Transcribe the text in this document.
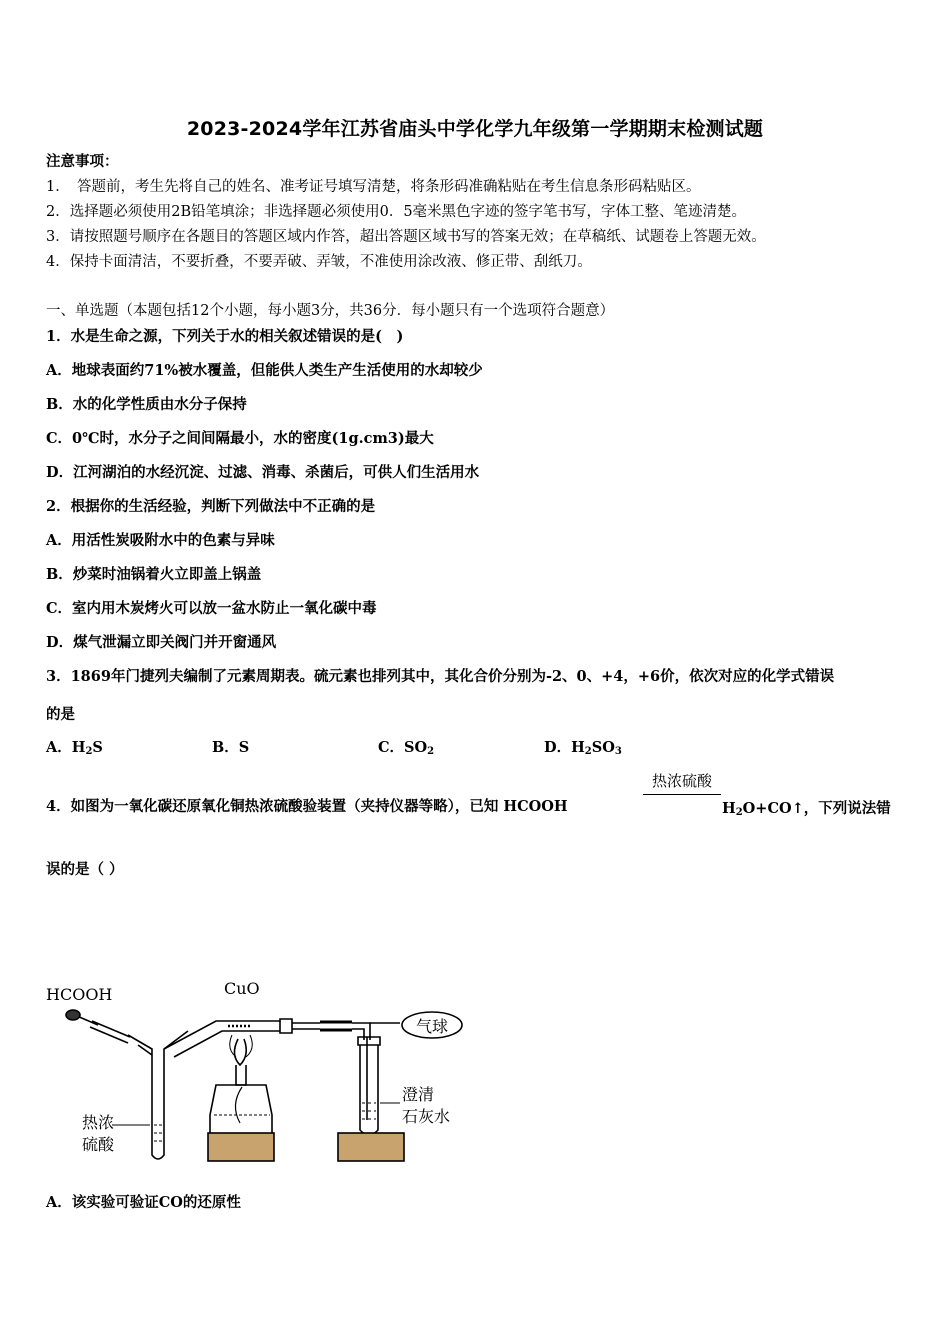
2023-2024学年江苏省庙头中学化学九年级第一学期期末检测试题
注意事项：
1．　答题前，考生先将自己的姓名、准考证号填写清楚，将条形码准确粘贴在考生信息条形码粘贴区。
2．选择题必须使用2B铅笔填涂；非选择题必须使用0．5毫米黑色字迹的签字笔书写，字体工整、笔迹清楚。
3．请按照题号顺序在各题目的答题区域内作答，超出答题区域书写的答案无效；在草稿纸、试题卷上答题无效。
4．保持卡面清洁，不要折叠，不要弄破、弄皱，不准使用涂改液、修正带、刮纸刀。
一、单选题（本题包括12个小题，每小题3分，共36分．每小题只有一个选项符合题意）
1．水是生命之源，下列关于水的相关叙述错误的是(　)
A．地球表面约71%被水覆盖，但能供人类生产生活使用的水却较少
B．水的化学性质由水分子保持
C．0℃时，水分子之间间隔最小，水的密度(1g.cm3)最大
D．江河湖泊的水经沉淀、过滤、消毒、杀菌后，可供人们生活用水
2．根据你的生活经验，判断下列做法中不正确的是
A．用活性炭吸附水中的色素与异味
B．炒菜时油锅着火立即盖上锅盖
C．室内用木炭烤火可以放一盆水防止一氧化碳中毒
D．煤气泄漏立即关阀门并开窗通风
3．1869年门捷列夫编制了元素周期表。硫元素也排列其中，其化合价分别为-2、0、+4，+6价，依次对应的化学式错误
的是
A．$H_2S$	B．S	C．$SO_2$	D．$H_2SO_3$
4．如图为一氧化碳还原氧化铜热浓硫酸验装置（夹持仪器等略），已知 HCOOH
热浓硫酸
$H_2O+CO↑$，下列说法错
误的是（ ）
HCOOH	CuO
气球
热浓
硫酸
澄清
石灰水
A．该实验可验证CO的还原性
